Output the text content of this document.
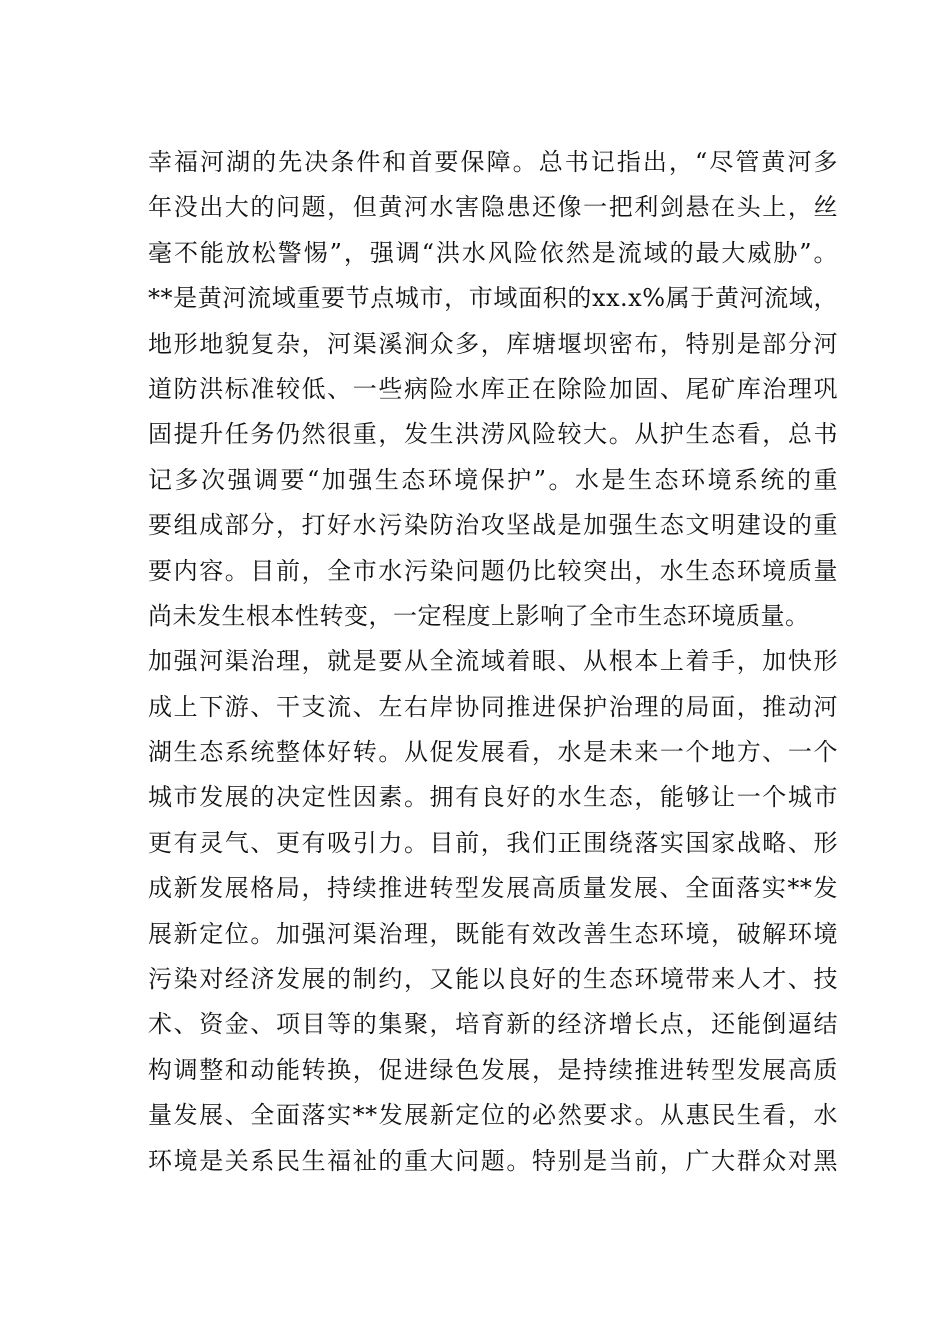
幸福河湖的先决条件和首要保障。总书记指出，“尽管黄河多
年没出大的问题，但黄河水害隐患还像一把利剑悬在头上，丝
毫不能放松警惕”，强调“洪水风险依然是流域的最大威胁”。
**是黄河流域重要节点城市，市域面积的xx.x%属于黄河流域，
地形地貌复杂，河渠溪涧众多，库塘堰坝密布，特别是部分河
道防洪标准较低、一些病险水库正在除险加固、尾矿库治理巩
固提升任务仍然很重，发生洪涝风险较大。从护生态看，总书
记多次强调要“加强生态环境保护”。水是生态环境系统的重
要组成部分，打好水污染防治攻坚战是加强生态文明建设的重
要内容。目前，全市水污染问题仍比较突出，水生态环境质量
尚未发生根本性转变，一定程度上影响了全市生态环境质量。
加强河渠治理，就是要从全流域着眼、从根本上着手，加快形
成上下游、干支流、左右岸协同推进保护治理的局面，推动河
湖生态系统整体好转。从促发展看，水是未来一个地方、一个
城市发展的决定性因素。拥有良好的水生态，能够让一个城市
更有灵气、更有吸引力。目前，我们正围绕落实国家战略、形
成新发展格局，持续推进转型发展高质量发展、全面落实**发
展新定位。加强河渠治理，既能有效改善生态环境，破解环境
污染对经济发展的制约，又能以良好的生态环境带来人才、技
术、资金、项目等的集聚，培育新的经济增长点，还能倒逼结
构调整和动能转换，促进绿色发展，是持续推进转型发展高质
量发展、全面落实**发展新定位的必然要求。从惠民生看，水
环境是关系民生福祉的重大问题。特别是当前，广大群众对黑
